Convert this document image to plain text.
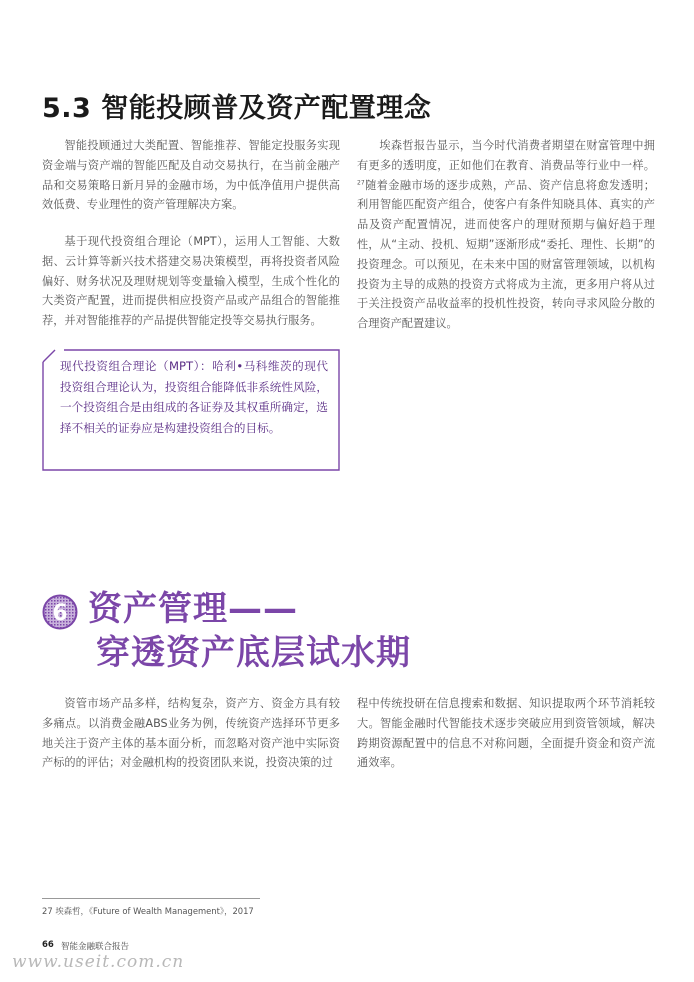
5.3 智能投顾普及资产配置理念

智能投顾通过大类配置、智能推荐、智能定投服务实现资金端与资产端的智能匹配及自动交易执行，在当前金融产品和交易策略日新月异的金融市场，为中低净值用户提供高效低费、专业理性的资产管理解决方案。

基于现代投资组合理论（MPT），运用人工智能、大数据、云计算等新兴技术搭建交易决策模型，再将投资者风险偏好、财务状况及理财规划等变量输入模型，生成个性化的大类资产配置，进而提供相应投资产品或产品组合的智能推荐，并对智能推荐的产品提供智能定投等交易执行服务。

埃森哲报告显示，当今时代消费者期望在财富管理中拥有更多的透明度，正如他们在教育、消费品等行业中一样。$^{27}$随着金融市场的逐步成熟，产品、资产信息将愈发透明；利用智能匹配资产组合，使客户有条件知晓具体、真实的产品及资产配置情况，进而使客户的理财预期与偏好趋于理性，从“主动、投机、短期”逐渐形成“委托、理性、长期”的投资理念。可以预见，在未来中国的财富管理领域，以机构投资为主导的成熟的投资方式将成为主流，更多用户将从过于关注投资产品收益率的投机性投资，转向寻求风险分散的合理资产配置建议。

现代投资组合理论（MPT）：哈利•马科维茨的现代投资组合理论认为，投资组合能降低非系统性风险，一个投资组合是由组成的各证券及其权重所确定，选择不相关的证券应是构建投资组合的目标。

6 资产管理——

穿透资产底层试水期

资管市场产品多样，结构复杂，资产方、资金方具有较多痛点。以消费金融ABS业务为例，传统资产选择环节更多地关注于资产主体的基本面分析，而忽略对资产池中实际资产标的的评估；对金融机构的投资团队来说，投资决策的过

程中传统投研在信息搜索和数据、知识提取两个环节消耗较大。智能金融时代智能技术逐步突破应用到资管领域，解决跨期资源配置中的信息不对称问题，全面提升资金和资产流通效率。

27 埃森哲，《Future of Wealth Management》，2017

66 智能金融联合报告

www.useit.com.cn
